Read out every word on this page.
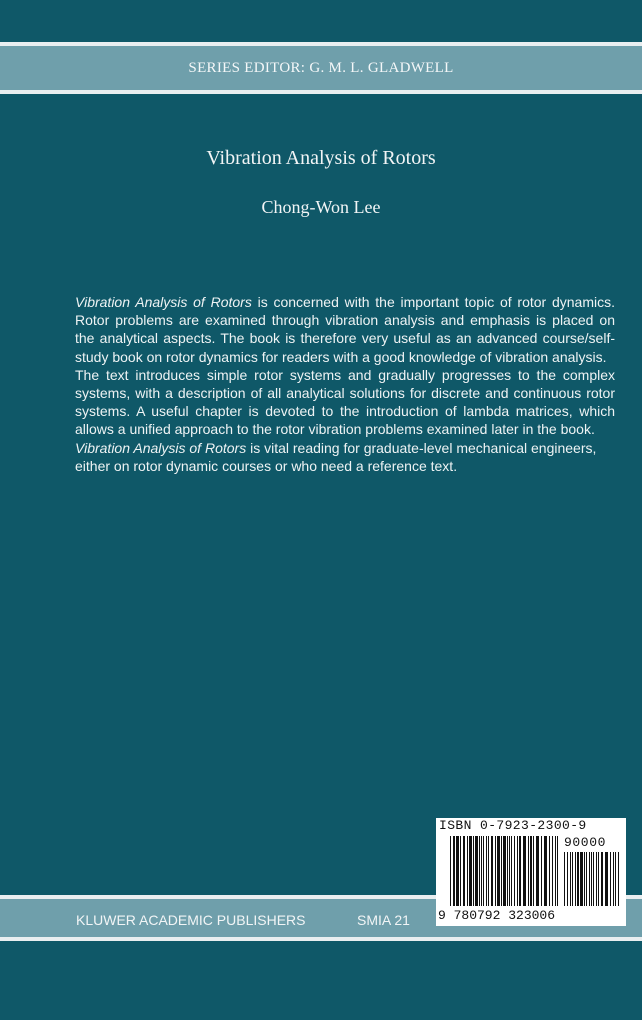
SERIES EDITOR: G. M. L. GLADWELL
Vibration Analysis of Rotors
Chong-Won Lee

Vibration Analysis of Rotors is concerned with the important topic of rotor dynamics. Rotor problems are examined through vibration analysis and emphasis is placed on the analytical aspects. The book is therefore very useful as an advanced course/self-study book on rotor dynamics for readers with a good knowledge of vibration analysis.

The text introduces simple rotor systems and gradually progresses to the complex systems, with a description of all analytical solutions for discrete and continuous rotor systems. A useful chapter is devoted to the introduction of lambda matrices, which allows a unified approach to the rotor vibration problems examined later in the book.

Vibration Analysis of Rotors is vital reading for graduate-level mechanical engineers, either on rotor dynamic courses or who need a reference text.

KLUWER ACADEMIC PUBLISHERS	SMIA 21
ISBN 0-7923-2300-9
90000
9 780792 323006
